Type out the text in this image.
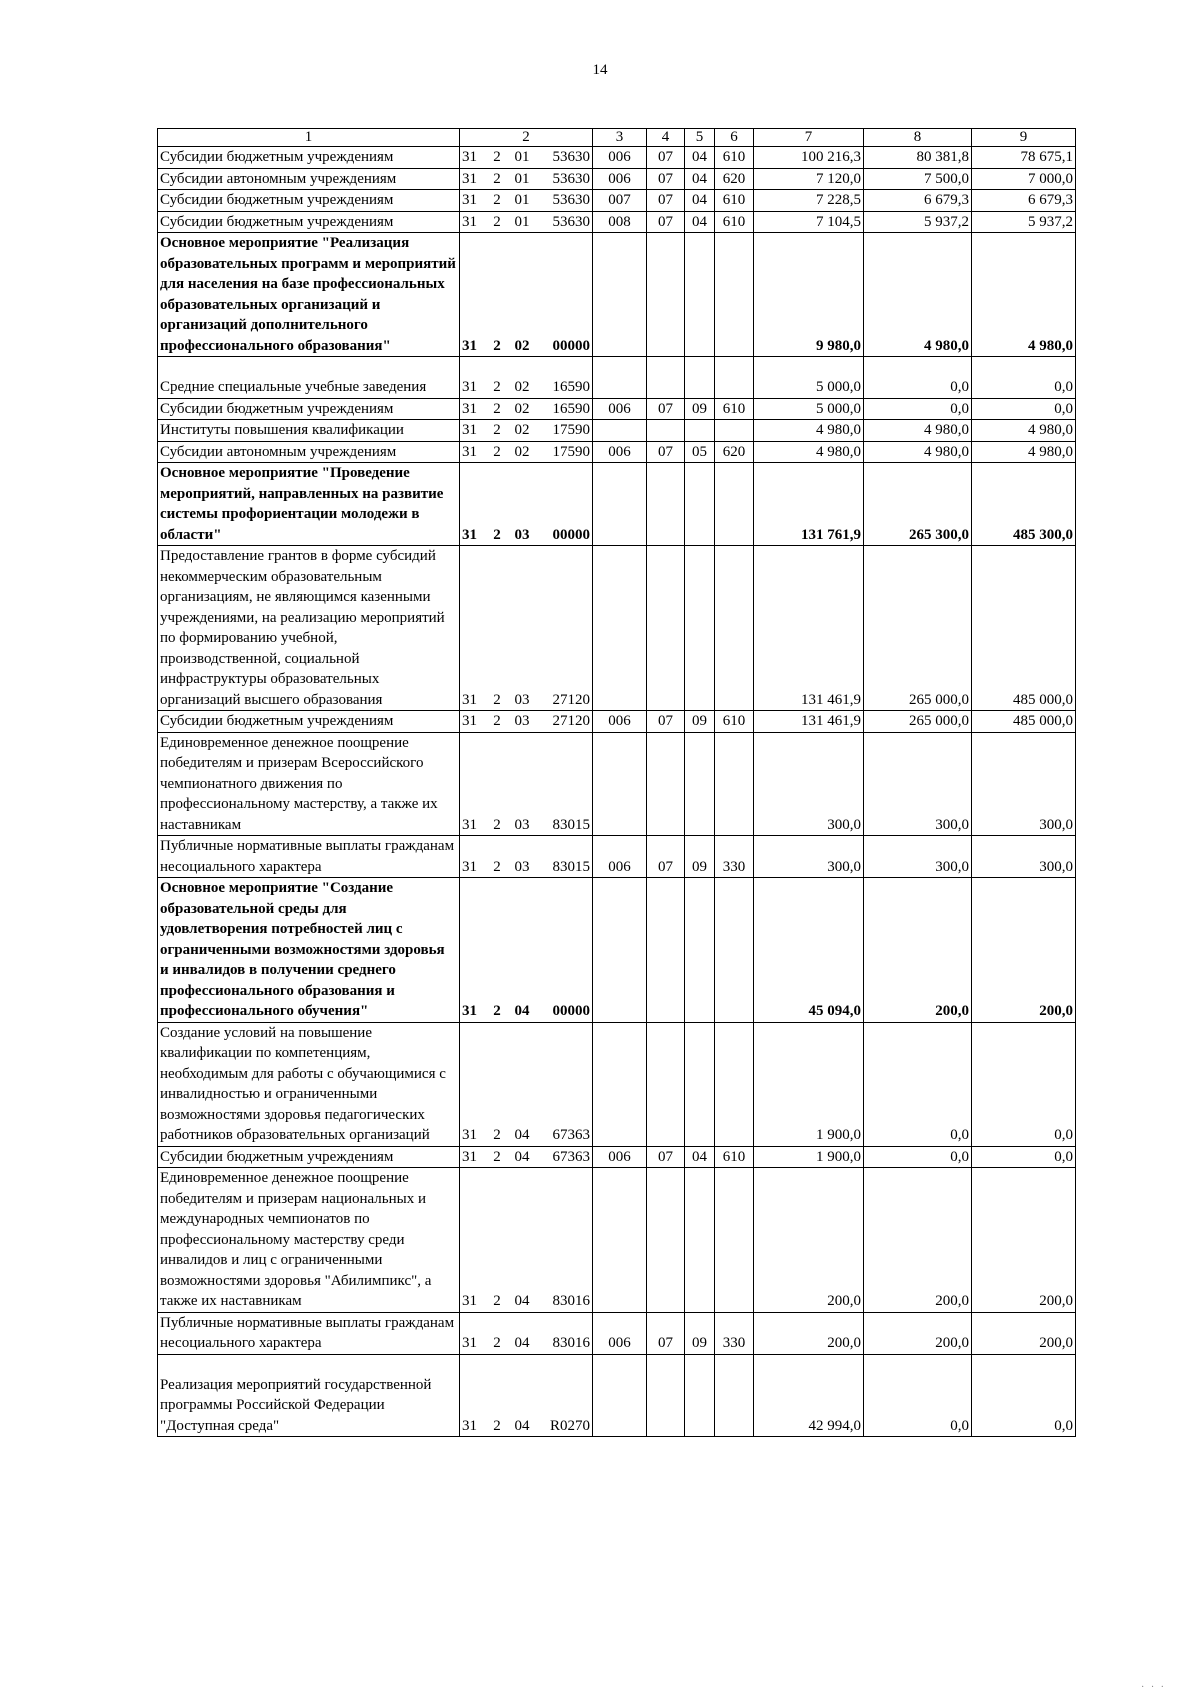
14
1	2				3	4	5	6	7	8	9
Субсидии бюджетным учреждениям	31	2	01	53630	006	07	04	610	100 216,3	80 381,8	78 675,1
Субсидии автономным учреждениям	31	2	01	53630	006	07	04	620	7 120,0	7 500,0	7 000,0
Субсидии бюджетным учреждениям	31	2	01	53630	007	07	04	610	7 228,5	6 679,3	6 679,3
Субсидии бюджетным учреждениям	31	2	01	53630	008	07	04	610	7 104,5	5 937,2	5 937,2
Основное мероприятие "Реализация образовательных программ и мероприятий для населения на базе профессиональных образовательных организаций и организаций дополнительного профессионального образования"	31	2	02	00000					9 980,0	4 980,0	4 980,0
Средние специальные учебные заведения	31	2	02	16590					5 000,0	0,0	0,0
Субсидии бюджетным учреждениям	31	2	02	16590	006	07	09	610	5 000,0	0,0	0,0
Институты повышения квалификации	31	2	02	17590					4 980,0	4 980,0	4 980,0
Субсидии автономным учреждениям	31	2	02	17590	006	07	05	620	4 980,0	4 980,0	4 980,0
Основное мероприятие "Проведение мероприятий, направленных на развитие системы профориентации молодежи в области"	31	2	03	00000					131 761,9	265 300,0	485 300,0
Предоставление грантов в форме субсидий некоммерческим образовательным организациям, не являющимся казенными учреждениями, на реализацию мероприятий по формированию учебной, производственной, социальной инфраструктуры образовательных организаций высшего образования	31	2	03	27120					131 461,9	265 000,0	485 000,0
Субсидии бюджетным учреждениям	31	2	03	27120	006	07	09	610	131 461,9	265 000,0	485 000,0
Единовременное денежное поощрение победителям и призерам Всероссийского чемпионатного движения по профессиональному мастерству, а также их наставникам	31	2	03	83015					300,0	300,0	300,0
Публичные нормативные выплаты гражданам несоциального характера	31	2	03	83015	006	07	09	330	300,0	300,0	300,0
Основное мероприятие "Создание образовательной среды для удовлетворения потребностей лиц с ограниченными возможностями здоровья и инвалидов в получении среднего профессионального образования и профессионального обучения"	31	2	04	00000					45 094,0	200,0	200,0
Создание условий на повышение квалификации по компетенциям, необходимым для работы с обучающимися с инвалидностью и ограниченными возможностями здоровья педагогических работников образовательных организаций	31	2	04	67363					1 900,0	0,0	0,0
Субсидии бюджетным учреждениям	31	2	04	67363	006	07	04	610	1 900,0	0,0	0,0
Единовременное денежное поощрение победителям и призерам национальных и международных чемпионатов по профессиональному мастерству среди инвалидов и лиц с ограниченными возможностями здоровья "Абилимпикс", а также их наставникам	31	2	04	83016					200,0	200,0	200,0
Публичные нормативные выплаты гражданам несоциального характера	31	2	04	83016	006	07	09	330	200,0	200,0	200,0
Реализация мероприятий государственной программы Российской Федерации "Доступная среда"	31	2	04	R0270					42 994,0	0,0	0,0
· · ·
